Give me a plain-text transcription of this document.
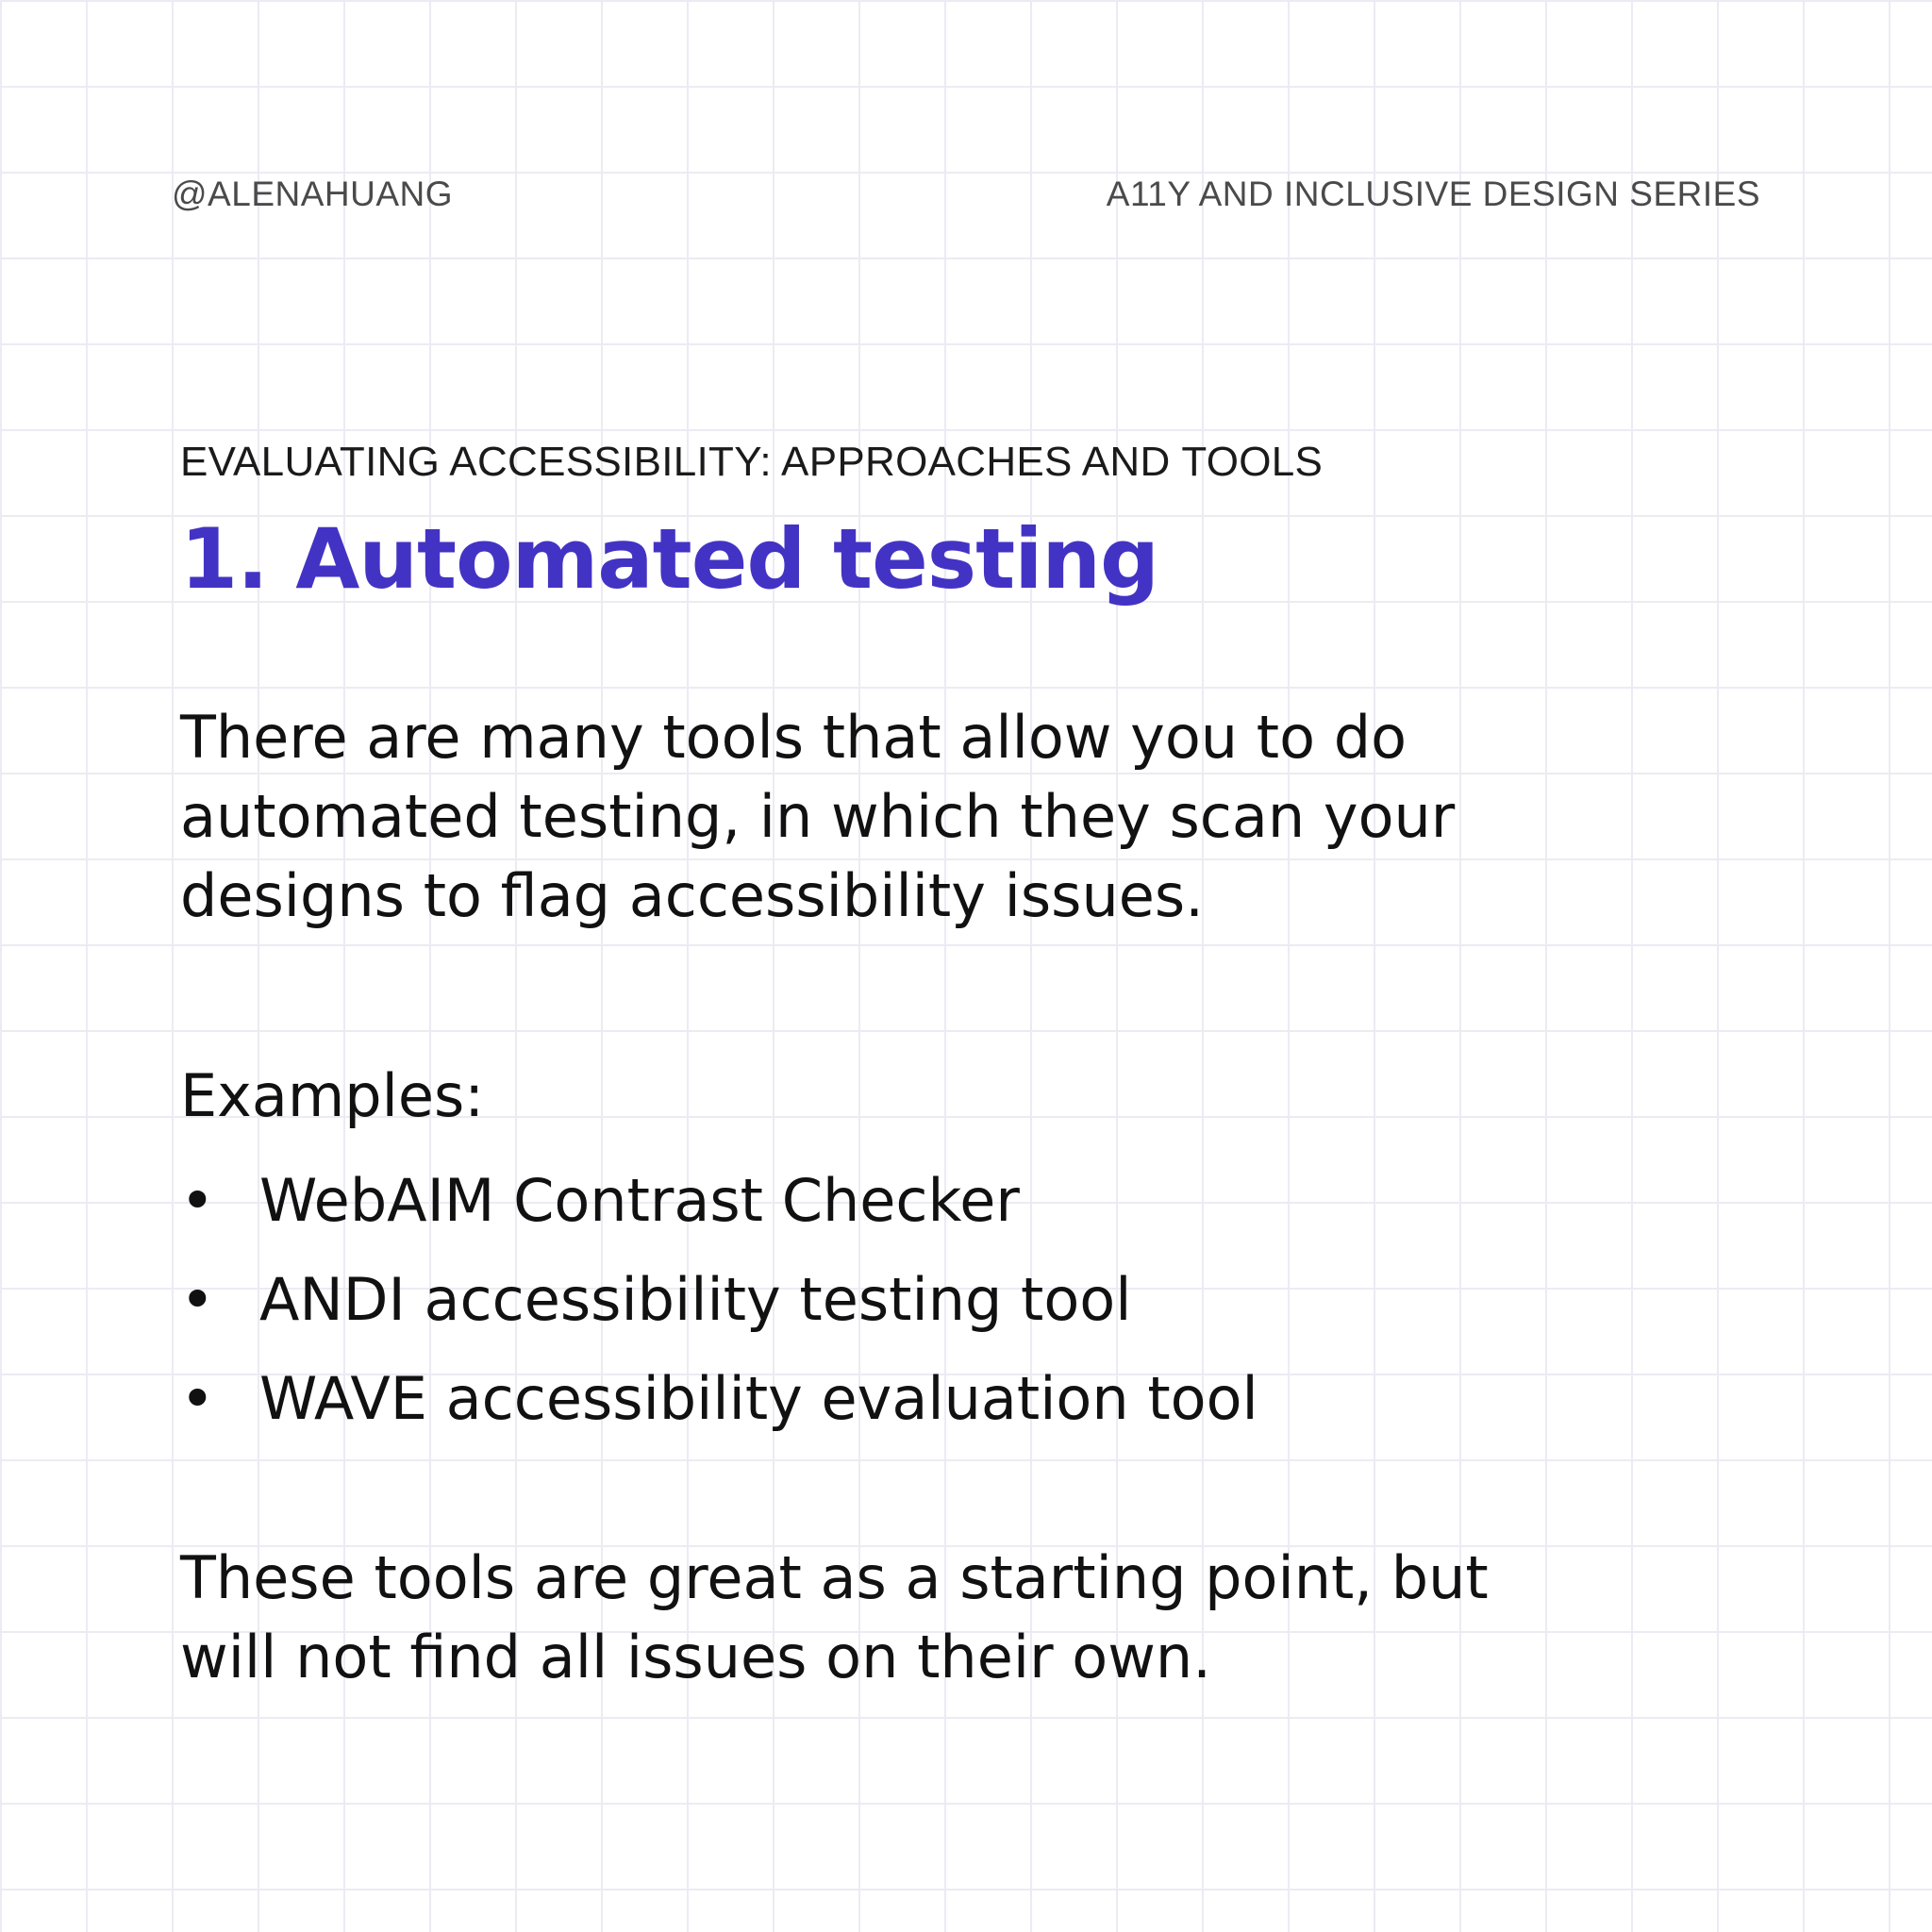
@ALENAHUANG	A11Y AND INCLUSIVE DESIGN SERIES
EVALUATING ACCESSIBILITY: APPROACHES AND TOOLS
1. Automated testing
There are many tools that allow you to do
automated testing, in which they scan your
designs to flag accessibility issues.
Examples:
• WebAIM Contrast Checker
• ANDI accessibility testing tool
• WAVE accessibility evaluation tool
These tools are great as a starting point, but
will not find all issues on their own.
